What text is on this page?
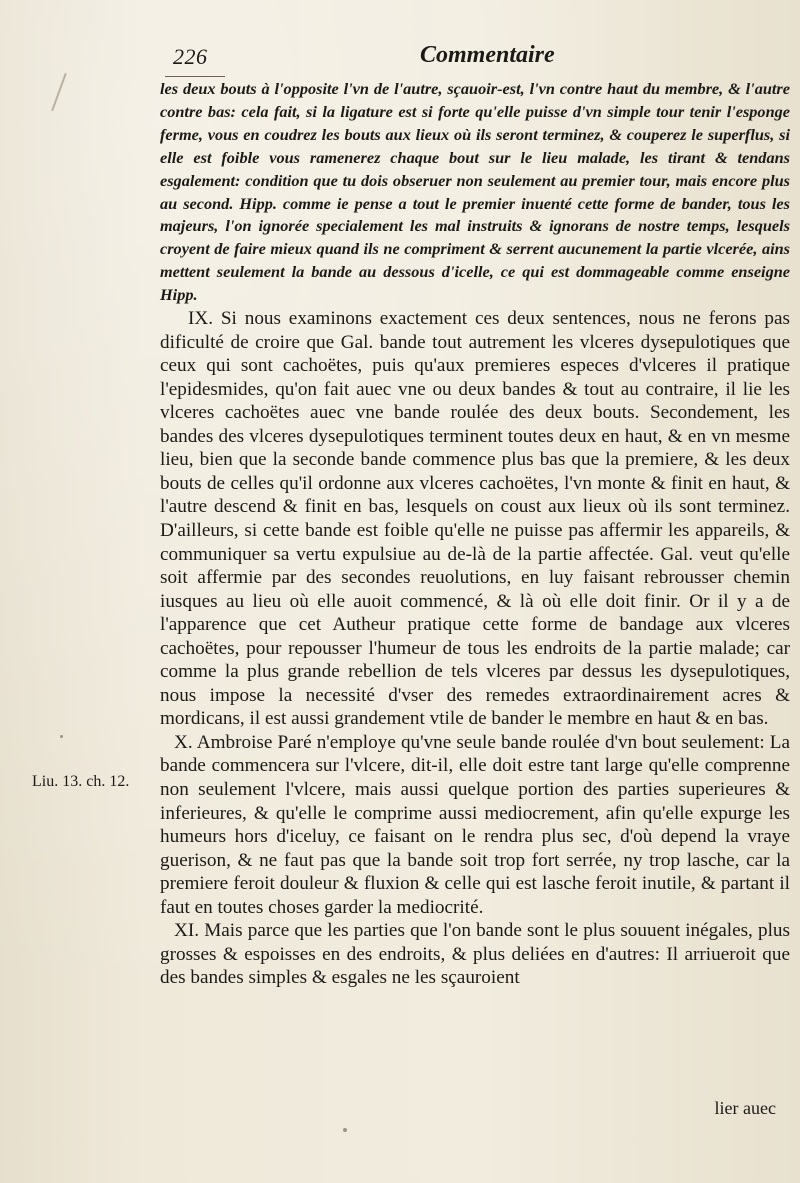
226	Commentaire

les deux bouts à l'opposite l'vn de l'autre, sçauoir-est, l'vn contre haut du membre, & l'autre contre bas: cela fait, si la ligature est si forte qu'elle puisse d'vn simple tour tenir l'esponge ferme, vous en coudrez les bouts aux lieux où ils seront terminez, & couperez le superflus, si elle est foible vous ramenerez chaque bout sur le lieu malade, les tirant & tendans esgalement: condition que tu dois obseruer non seulement au premier tour, mais encore plus au second. Hipp. comme ie pense a tout le premier inuenté cette forme de bander, tous les majeurs, l'on ignorée specialement les mal instruits & ignorans de nostre temps, lesquels croyent de faire mieux quand ils ne compriment & serrent aucunement la partie vlcerée, ains mettent seulement la bande au dessous d'icelle, ce qui est dommageable comme enseigne Hipp.

IX. Si nous examinons exactement ces deux sentences, nous ne ferons pas dificulté de croire que Gal. bande tout autrement les vlceres dysepulotiques que ceux qui sont cachoëtes, puis qu'aux premieres especes d'vlceres il pratique l'epidesmides, qu'on fait auec vne ou deux bandes & tout au contraire, il lie les vlceres cachoëtes auec vne bande roulée des deux bouts. Secondement, les bandes des vlceres dysepulotiques terminent toutes deux en haut, & en vn mesme lieu, bien que la seconde bande commence plus bas que la premiere, & les deux bouts de celles qu'il ordonne aux vlceres cachoëtes, l'vn monte & finit en haut, & l'autre descend & finit en bas, lesquels on coust aux lieux où ils sont terminez. D'ailleurs, si cette bande est foible qu'elle ne puisse pas affermir les appareils, & communiquer sa vertu expulsiue au de-là de la partie affectée. Gal. veut qu'elle soit affermie par des secondes reuolutions, en luy faisant rebrousser chemin iusques au lieu où elle auoit commencé, & là où elle doit finir. Or il y a de l'apparence que cet Autheur pratique cette forme de bandage aux vlceres cachoëtes, pour repousser l'humeur de tous les endroits de la partie malade; car comme la plus grande rebellion de tels vlceres par dessus les dysepulotiques, nous impose la necessité d'vser des remedes extraordinairement acres & mordicans, il est aussi grandement vtile de bander le membre en haut & en bas.

X. Ambroise Paré n'employe qu'vne seule bande roulée d'vn bout seulement: La bande commencera sur l'vlcere, dit-il, elle doit estre tant large qu'elle comprenne non seulement l'vlcere, mais aussi quelque portion des parties superieures & inferieures, & qu'elle le comprime aussi mediocrement, afin qu'elle expurge les humeurs hors d'iceluy, ce faisant on le rendra plus sec, d'où depend la vraye guerison, & ne faut pas que la bande soit trop fort serrée, ny trop lasche, car la premiere feroit douleur & fluxion & celle qui est lasche feroit inutile, & partant il faut en toutes choses garder la mediocrité.

XI. Mais parce que les parties que l'on bande sont le plus souuent inégales, plus grosses & espoisses en des endroits, & plus deliées en d'autres: Il arriueroit que des bandes simples & esgales ne les sçauroient

Liu. 13. ch. 12.
lier auec
